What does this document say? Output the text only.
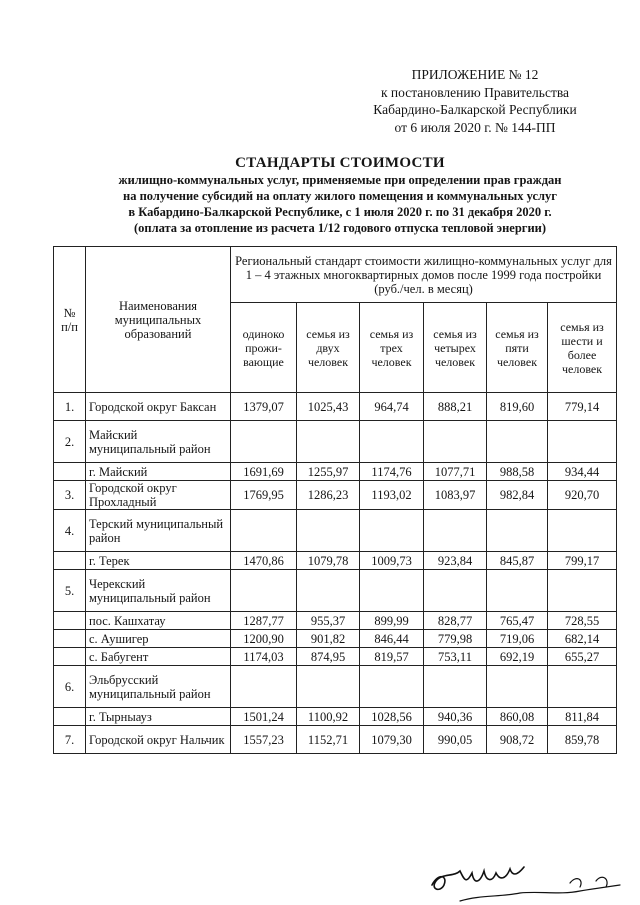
ПРИЛОЖЕНИЕ № 12
к постановлению Правительства
Кабардино-Балкарской Республики
от 6 июля 2020 г. № 144-ПП
СТАНДАРТЫ СТОИМОСТИ
жилищно-коммунальных услуг, применяемые при определении прав граждан
на получение субсидий на оплату жилого помещения и коммунальных услуг
в Кабардино-Балкарской Республике, с 1 июля 2020 г. по 31 декабря 2020 г.
(оплата за отопление из расчета 1/12 годового отпуска тепловой энергии)
№ п/п	Наименования муниципальных образований	Региональный стандарт стоимости жилищно-коммунальных услуг для 1 – 4 этажных многоквартирных домов после 1999 года постройки (руб./чел. в месяц)					
		одиноко прожи-вающие	семья из двух человек	семья из трех человек	семья из четырех человек	семья из пяти человек	семья из шести и более человек
1.	Городской округ Баксан	1379,07	1025,43	964,74	888,21	819,60	779,14
2.	Майский муниципальный район						
	г. Майский	1691,69	1255,97	1174,76	1077,71	988,58	934,44
3.	Городской округ Прохладный	1769,95	1286,23	1193,02	1083,97	982,84	920,70
4.	Терский муниципальный район						
	г. Терек	1470,86	1079,78	1009,73	923,84	845,87	799,17
5.	Черекский муниципальный район						
	пос. Кашхатау	1287,77	955,37	899,99	828,77	765,47	728,55
	с. Аушигер	1200,90	901,82	846,44	779,98	719,06	682,14
	с. Бабугент	1174,03	874,95	819,57	753,11	692,19	655,27
6.	Эльбрусский муниципальный район						
	г. Тырныауз	1501,24	1100,92	1028,56	940,36	860,08	811,84
7.	Городской округ Нальчик	1557,23	1152,71	1079,30	990,05	908,72	859,78
